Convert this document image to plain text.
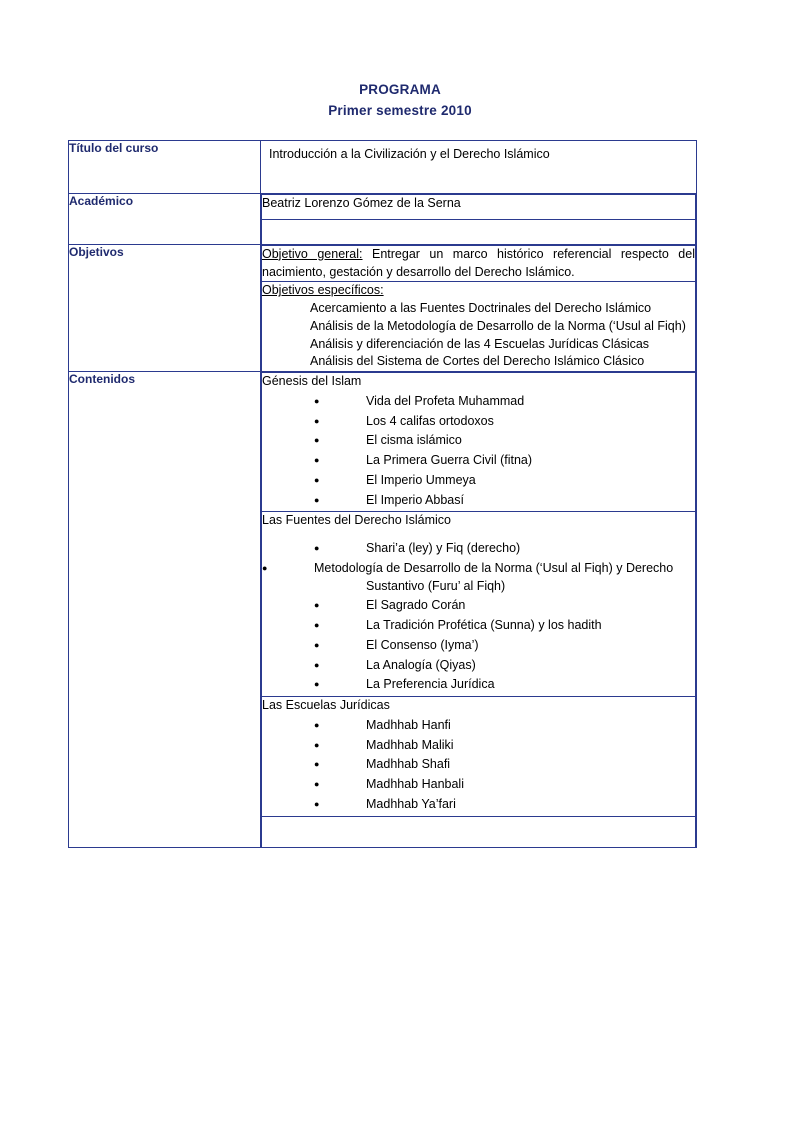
PROGRAMA
Primer semestre 2010
Título del curso	Introducción a la Civilización y el Derecho Islámico

Académico		Beatriz Lorenzo Gómez de la Serna

Objetivos		Objetivo general: Entregar un marco histórico referencial respecto del nacimiento, gestación y desarrollo del Derecho Islámico.

Objetivos específicos:
Acercamiento a las Fuentes Doctrinales del Derecho Islámico
Análisis de la Metodología de Desarrollo de la Norma (‘Usul al Fiqh)
Análisis y diferenciación de las 4 Escuelas Jurídicas Clásicas
Análisis del Sistema de Cortes del Derecho Islámico Clásico

Contenidos		Génesis del Islam
●	Vida del Profeta Muhammad
●	Los 4 califas ortodoxos
●	El cisma islámico
●	La Primera Guerra Civil (fitna)
●	El Imperio Ummeya
●	El Imperio Abbasí

Las Fuentes del Derecho Islámico
●	Shari’a (ley) y Fiq (derecho)
●	Metodología de Desarrollo de la Norma (‘Usul al Fiqh) y Derecho Sustantivo (Furu’ al Fiqh)
●	El Sagrado Corán
●	La Tradición Profética (Sunna) y los hadith
●	El Consenso (Iyma’)
●	La Analogía (Qiyas)
●	La Preferencia Jurídica

Las Escuelas Jurídicas
●	Madhhab Hanfi
●	Madhhab Maliki
●	Madhhab Shafi
●	Madhhab Hanbali
●	Madhhab Ya’fari
